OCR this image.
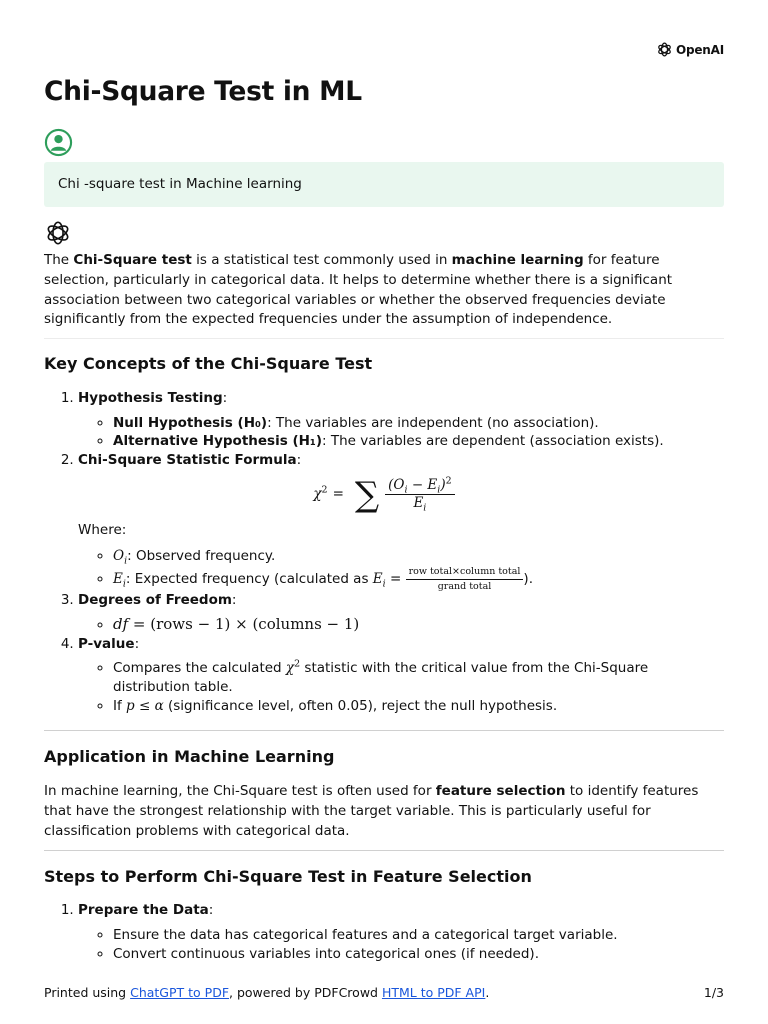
OpenAI
Chi-Square Test in ML
Chi -square test in Machine learning

The Chi-Square test is a statistical test commonly used in machine learning for feature selection, particularly in categorical data. It helps to determine whether there is a significant association between two categorical variables or whether the observed frequencies deviate significantly from the expected frequencies under the assumption of independence.

Key Concepts of the Chi-Square Test
1. Hypothesis Testing:
◦ Null Hypothesis (H₀): The variables are independent (no association).
◦ Alternative Hypothesis (H₁): The variables are dependent (association exists).
2. Chi-Square Statistic Formula:
$\chi^2$ = ∑ $\frac{(O_i - E_i)^2}{E_i}$
Where:
◦ $O_i$: Observed frequency.
◦ $E_i$: Expected frequency (calculated as $E_i = \frac{\text{row total×column total}}{\text{grand total}}$ ).
3. Degrees of Freedom:
◦ df = (rows − 1) × (columns − 1)
4. P-value:
◦ Compares the calculated $\chi^2$ statistic with the critical value from the Chi-Square distribution table.
◦ If p ≤ α (significance level, often 0.05), reject the null hypothesis.
Application in Machine Learning

In machine learning, the Chi-Square test is often used for feature selection to identify features that have the strongest relationship with the target variable. This is particularly useful for classification problems with categorical data.

Steps to Perform Chi-Square Test in Feature Selection
1. Prepare the Data:
◦ Ensure the data has categorical features and a categorical target variable.
◦ Convert continuous variables into categorical ones (if needed).
Printed using ChatGPT to PDF, powered by PDFCrowd HTML to PDF API.	1/3
